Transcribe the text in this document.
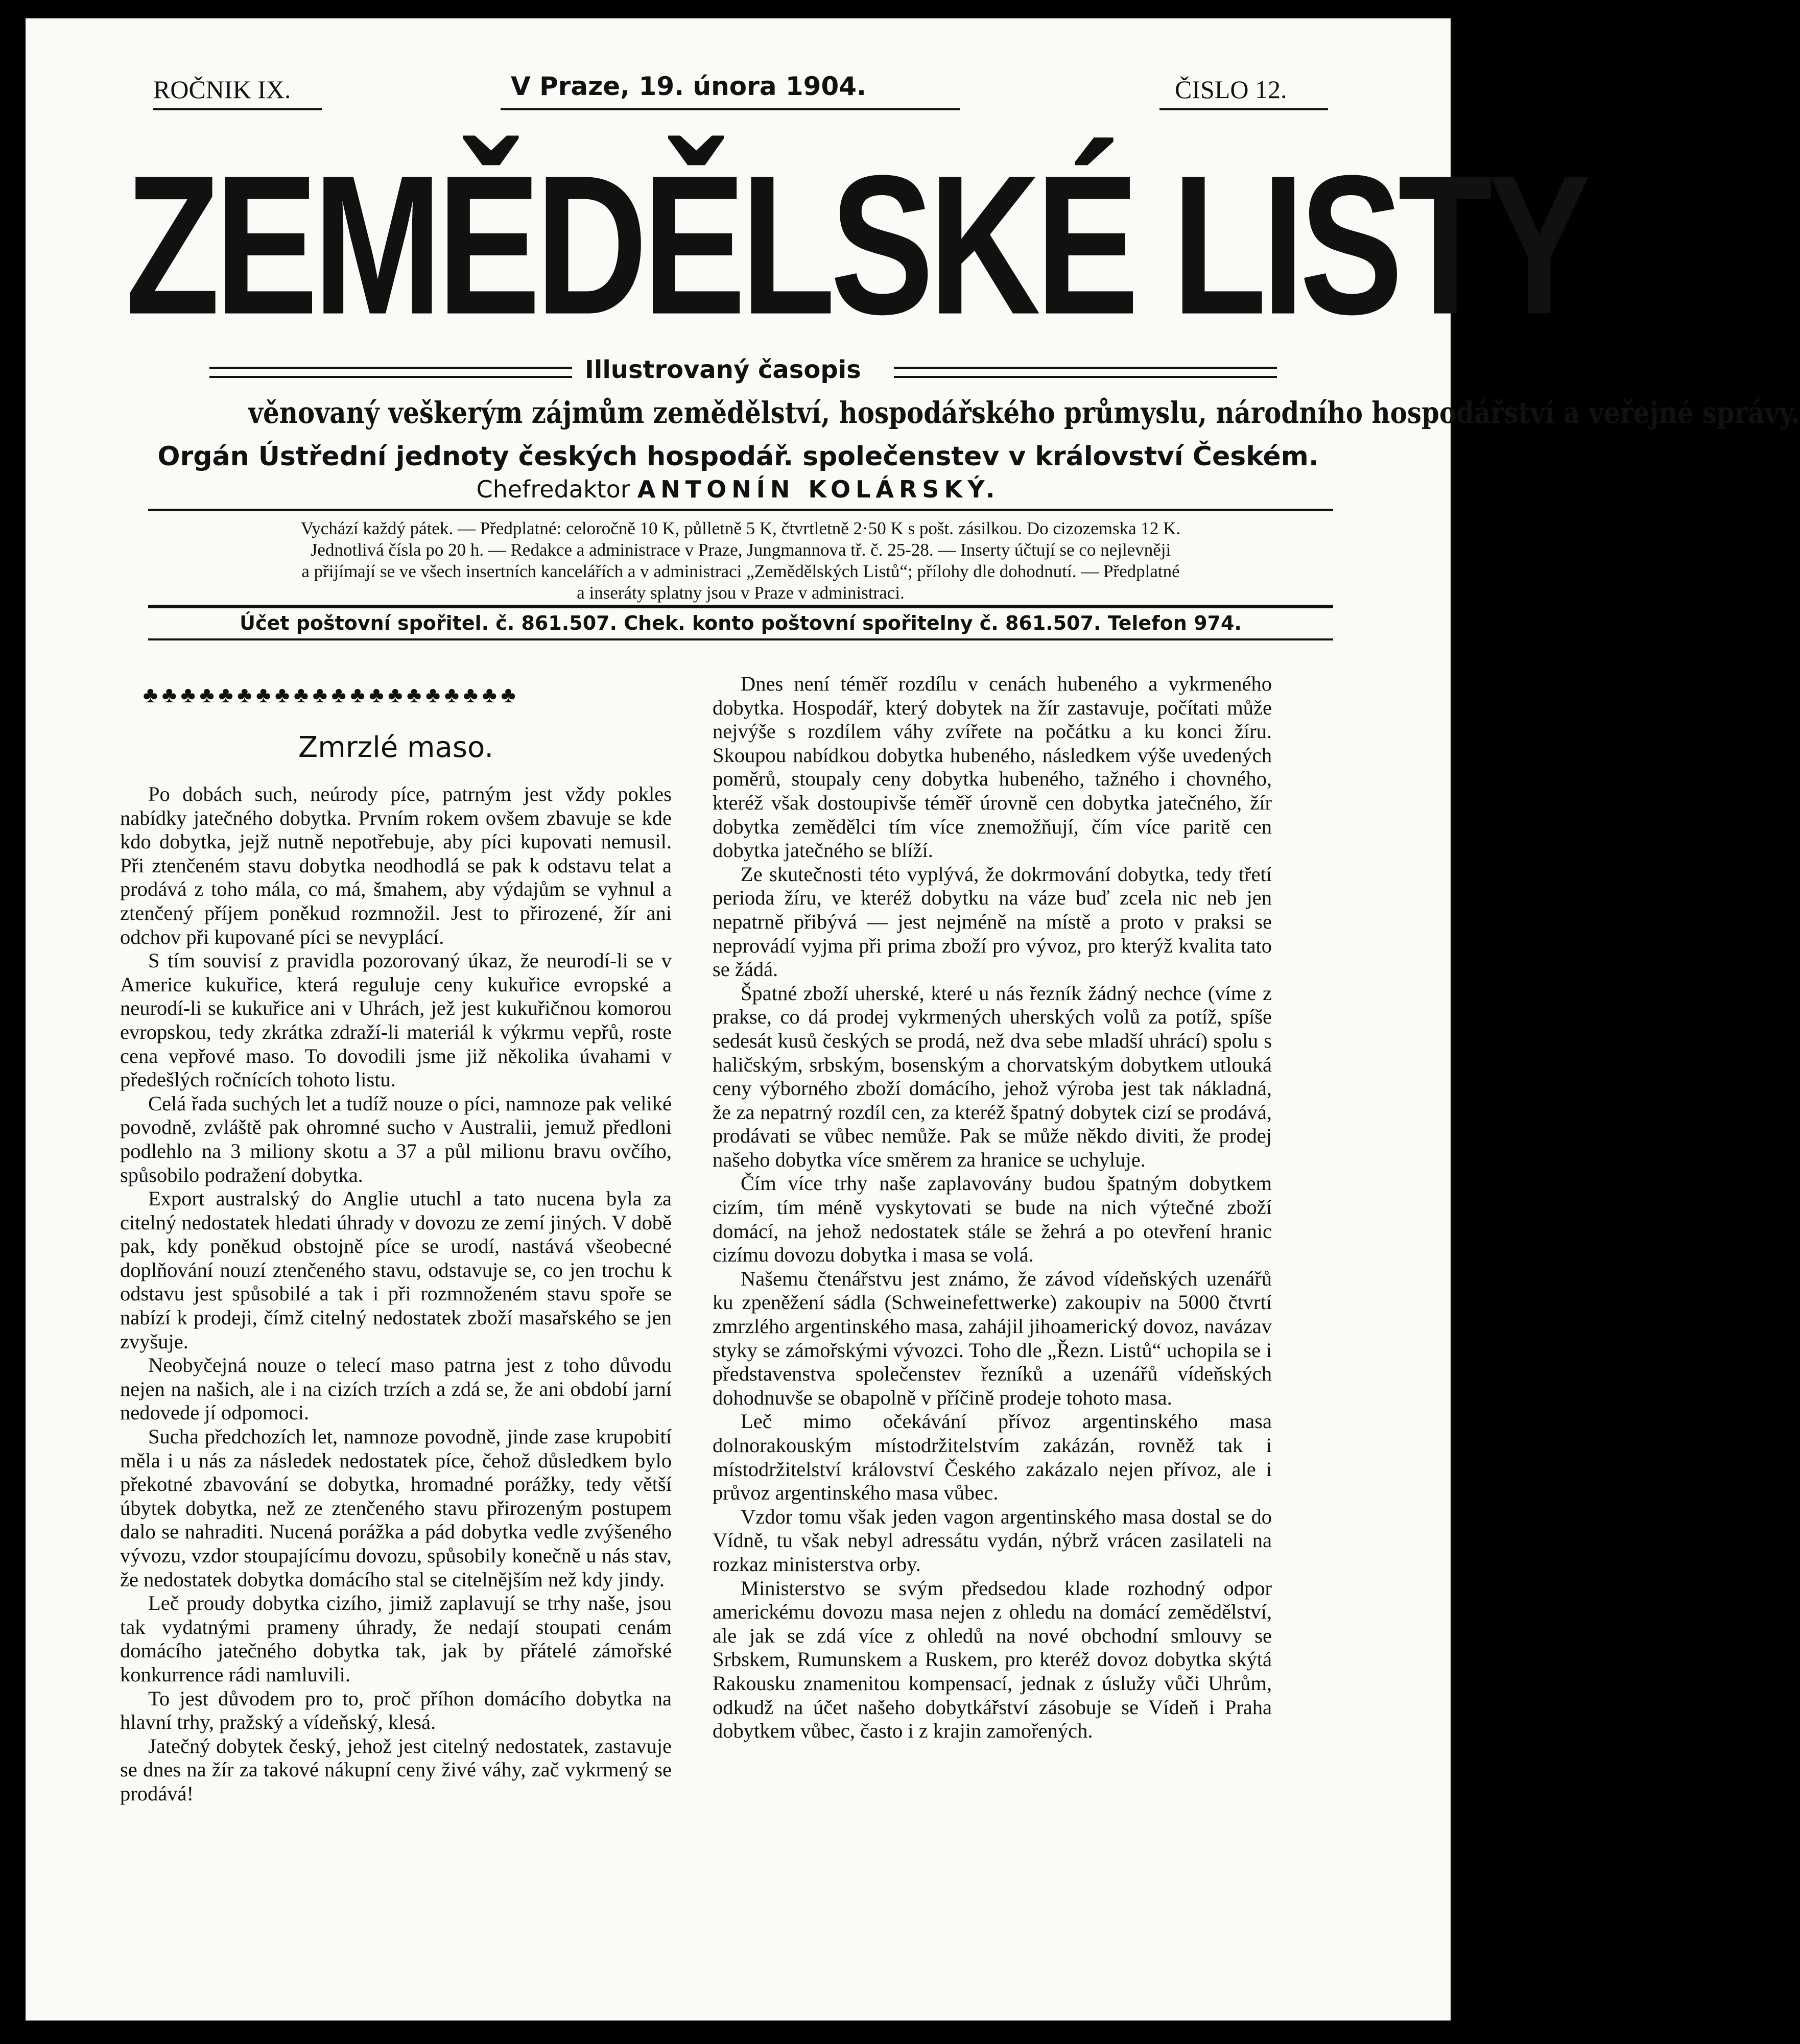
ROČNIK IX.	V Praze, 19. února 1904.	ČISLO 12.
ZEMĚDĚLSKÉ LISTY
Illustrovaný časopis
věnovaný veškerým zájmům zemědělství, hospodářského průmyslu, národního hospodářství a veřejné správy.
Orgán Ústřední jednoty českých hospodář. společenstev v království Českém.
Chefredaktor ANTONÍN KOLÁRSKÝ.

Vychází každý pátek. — Předplatné: celoročně 10 K, půlletně 5 K, čtvrtletně 2·50 K s pošt. zásilkou. Do cizozemska 12 K.

Jednotlivá čísla po 20 h. — Redakce a administrace v Praze, Jungmannova tř. č. 25-28. — Inserty účtují se co nejlevněji

a přijímají se ve všech insertních kancelářích a v administraci „Zemědělských Listů“; přílohy dle dohodnutí. — Předplatné

a inseráty splatny jsou v Praze v administraci.

Účet poštovní spořitel. č. 861.507. Chek. konto poštovní spořitelny č. 861.507. Telefon 974.
♣ ♣ ♣ ♣ ♣ ♣ ♣ ♣ ♣ ♣ ♣ ♣ ♣ ♣ ♣ ♣ ♣ ♣ ♣ ♣
Zmrzlé maso.

Po dobách such, neúrody píce, patrným jest vždy pokles nabídky jatečného dobytka. Prvním rokem ovšem zbavuje se kde kdo dobytka, jejž nutně nepotřebuje, aby píci kupovati nemusil. Při ztenčeném stavu dobytka neodhodlá se pak k odstavu telat a prodává z toho mála, co má, šmahem, aby výdajům se vyhnul a ztenčený příjem poněkud rozmnožil. Jest to přirozené, žír ani odchov při kupované píci se nevyplácí.

S tím souvisí z pravidla pozorovaný úkaz, že neurodí-li se v Americe kukuřice, která reguluje ceny kukuřice evropské a neurodí-li se kukuřice ani v Uhrách, jež jest kukuřičnou komorou evropskou, tedy zkrátka zdraží-li materiál k výkrmu vepřů, roste cena vepřové maso. To dovodili jsme již několika úvahami v předešlých ročnících tohoto listu.

Celá řada suchých let a tudíž nouze o píci, namnoze pak veliké povodně, zvláště pak ohromné sucho v Australii, jemuž předloni podlehlo na 3 miliony skotu a 37 a půl milionu bravu ovčího, spůsobilo podražení dobytka.

Export australský do Anglie utuchl a tato nucena byla za citelný nedostatek hledati úhrady v dovozu ze zemí jiných. V době pak, kdy poněkud obstojně píce se urodí, nastává všeobecné doplňování nouzí ztenčeného stavu, odstavuje se, co jen trochu k odstavu jest spůsobilé a tak i při rozmnoženém stavu spoře se nabízí k prodeji, čímž citelný nedostatek zboží masařského se jen zvyšuje.

Neobyčejná nouze o telecí maso patrna jest z toho důvodu nejen na našich, ale i na cizích trzích a zdá se, že ani období jarní nedovede jí odpomoci.

Sucha předchozích let, namnoze povodně, jinde zase krupobití měla i u nás za následek nedostatek píce, čehož důsledkem bylo překotné zbavování se dobytka, hromadné porážky, tedy větší úbytek dobytka, než ze ztenčeného stavu přirozeným postupem dalo se nahraditi. Nucená porážka a pád dobytka vedle zvýšeného vývozu, vzdor stoupajícímu dovozu, spůsobily konečně u nás stav, že nedostatek dobytka domácího stal se citelnějším než kdy jindy.

Leč proudy dobytka cizího, jimiž zaplavují se trhy naše, jsou tak vydatnými prameny úhrady, že nedají stoupati cenám domácího jatečného dobytka tak, jak by přátelé zámořské konkurrence rádi namluvili.

To jest důvodem pro to, proč příhon domácího dobytka na hlavní trhy, pražský a vídeňský, klesá.

Jatečný dobytek český, jehož jest citelný nedostatek, zastavuje se dnes na žír za takové nákupní ceny živé váhy, zač vykrmený se prodává!

Dnes není téměř rozdílu v cenách hubeného a vykrmeného dobytka. Hospodář, který dobytek na žír zastavuje, počítati může nejvýše s rozdílem váhy zvířete na počátku a ku konci žíru. Skoupou nabídkou dobytka hubeného, následkem výše uvedených poměrů, stoupaly ceny dobytka hubeného, tažného i chovného, kteréž však dostoupivše téměř úrovně cen dobytka jatečného, žír dobytka zemědělci tím více znemožňují, čím více paritě cen dobytka jatečného se blíží.

Ze skutečnosti této vyplývá, že dokrmování dobytka, tedy třetí perioda žíru, ve kteréž dobytku na váze buď zcela nic neb jen nepatrně přibývá — jest nejméně na místě a proto v praksi se neprovádí vyjma při prima zboží pro vývoz, pro kterýž kvalita tato se žádá.

Špatné zboží uherské, které u nás řezník žádný nechce (víme z prakse, co dá prodej vykrmených uherských volů za potíž, spíše sedesát kusů českých se prodá, než dva sebe mladší uhrácí) spolu s haličským, srbským, bosenským a chorvatským dobytkem utlouká ceny výborného zboží domácího, jehož výroba jest tak nákladná, že za nepatrný rozdíl cen, za kteréž špatný dobytek cizí se prodává, prodávati se vůbec nemůže. Pak se může někdo diviti, že prodej našeho dobytka více směrem za hranice se uchyluje.

Čím více trhy naše zaplavovány budou špatným dobytkem cizím, tím méně vyskytovati se bude na nich výtečné zboží domácí, na jehož nedostatek stále se žehrá a po otevření hranic cizímu dovozu dobytka i masa se volá.

Našemu čtenářstvu jest známo, že závod vídeňských uzenářů ku zpeněžení sádla (Schweinefettwerke) zakoupiv na 5000 čtvrtí zmrzlého argentinského masa, zahájil jihoamerický dovoz, navázav styky se zámořskými vývozci. Toho dle „Řezn. Listů“ uchopila se i představenstva společenstev řezníků a uzenářů vídeňských dohodnuvše se obapolně v příčině prodeje tohoto masa.

Leč mimo očekávání přívoz argentinského masa dolnorakouským místodržitelstvím zakázán, rovněž tak i místodržitelství království Českého zakázalo nejen přívoz, ale i průvoz argentinského masa vůbec.

Vzdor tomu však jeden vagon argentinského masa dostal se do Vídně, tu však nebyl adressátu vydán, nýbrž vrácen zasilateli na rozkaz ministerstva orby.

Ministerstvo se svým předsedou klade rozhodný odpor americkému dovozu masa nejen z ohledu na domácí zemědělství, ale jak se zdá více z ohledů na nové obchodní smlouvy se Srbskem, Rumunskem a Ruskem, pro kteréž dovoz dobytka skýtá Rakousku znamenitou kompensací, jednak z úslužy vůči Uhrům, odkudž na účet našeho dobytkářství zásobuje se Vídeň i Praha dobytkem vůbec, často i z krajin zamořených.
